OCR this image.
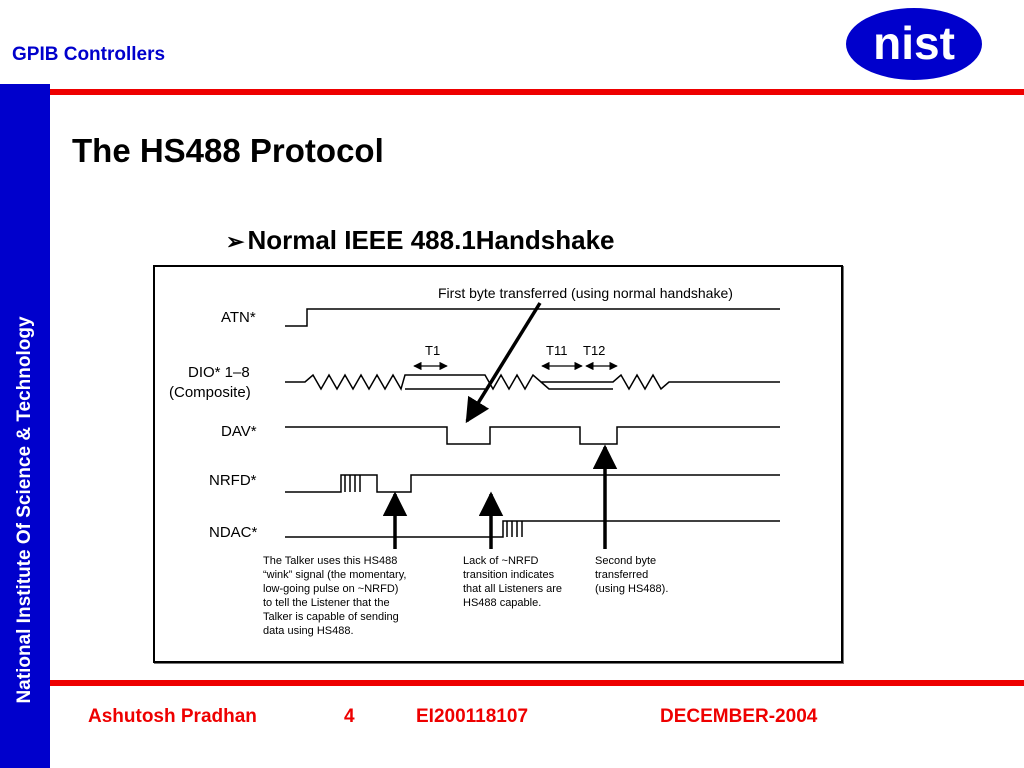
GPIB Controllers	nist
National Institute Of Science & Technology
The HS488 Protocol
➢ Normal IEEE 488.1Handshake
ATN*
DIO* 1–8
(Composite)
DAV*
NRFD*
NDAC*
T1	T11 T12
First byte transferred (using normal handshake)
The Talker uses this HS488 “wink” signal (the momentary, low-going pulse on ~NRFD) to tell the Listener that the Talker is capable of sending data using HS488.
Lack of ~NRFD transition indicates that all Listeners are HS488 capable.
Second byte transferred (using HS488).
Ashutosh Pradhan	4	EI200118107	DECEMBER-2004
